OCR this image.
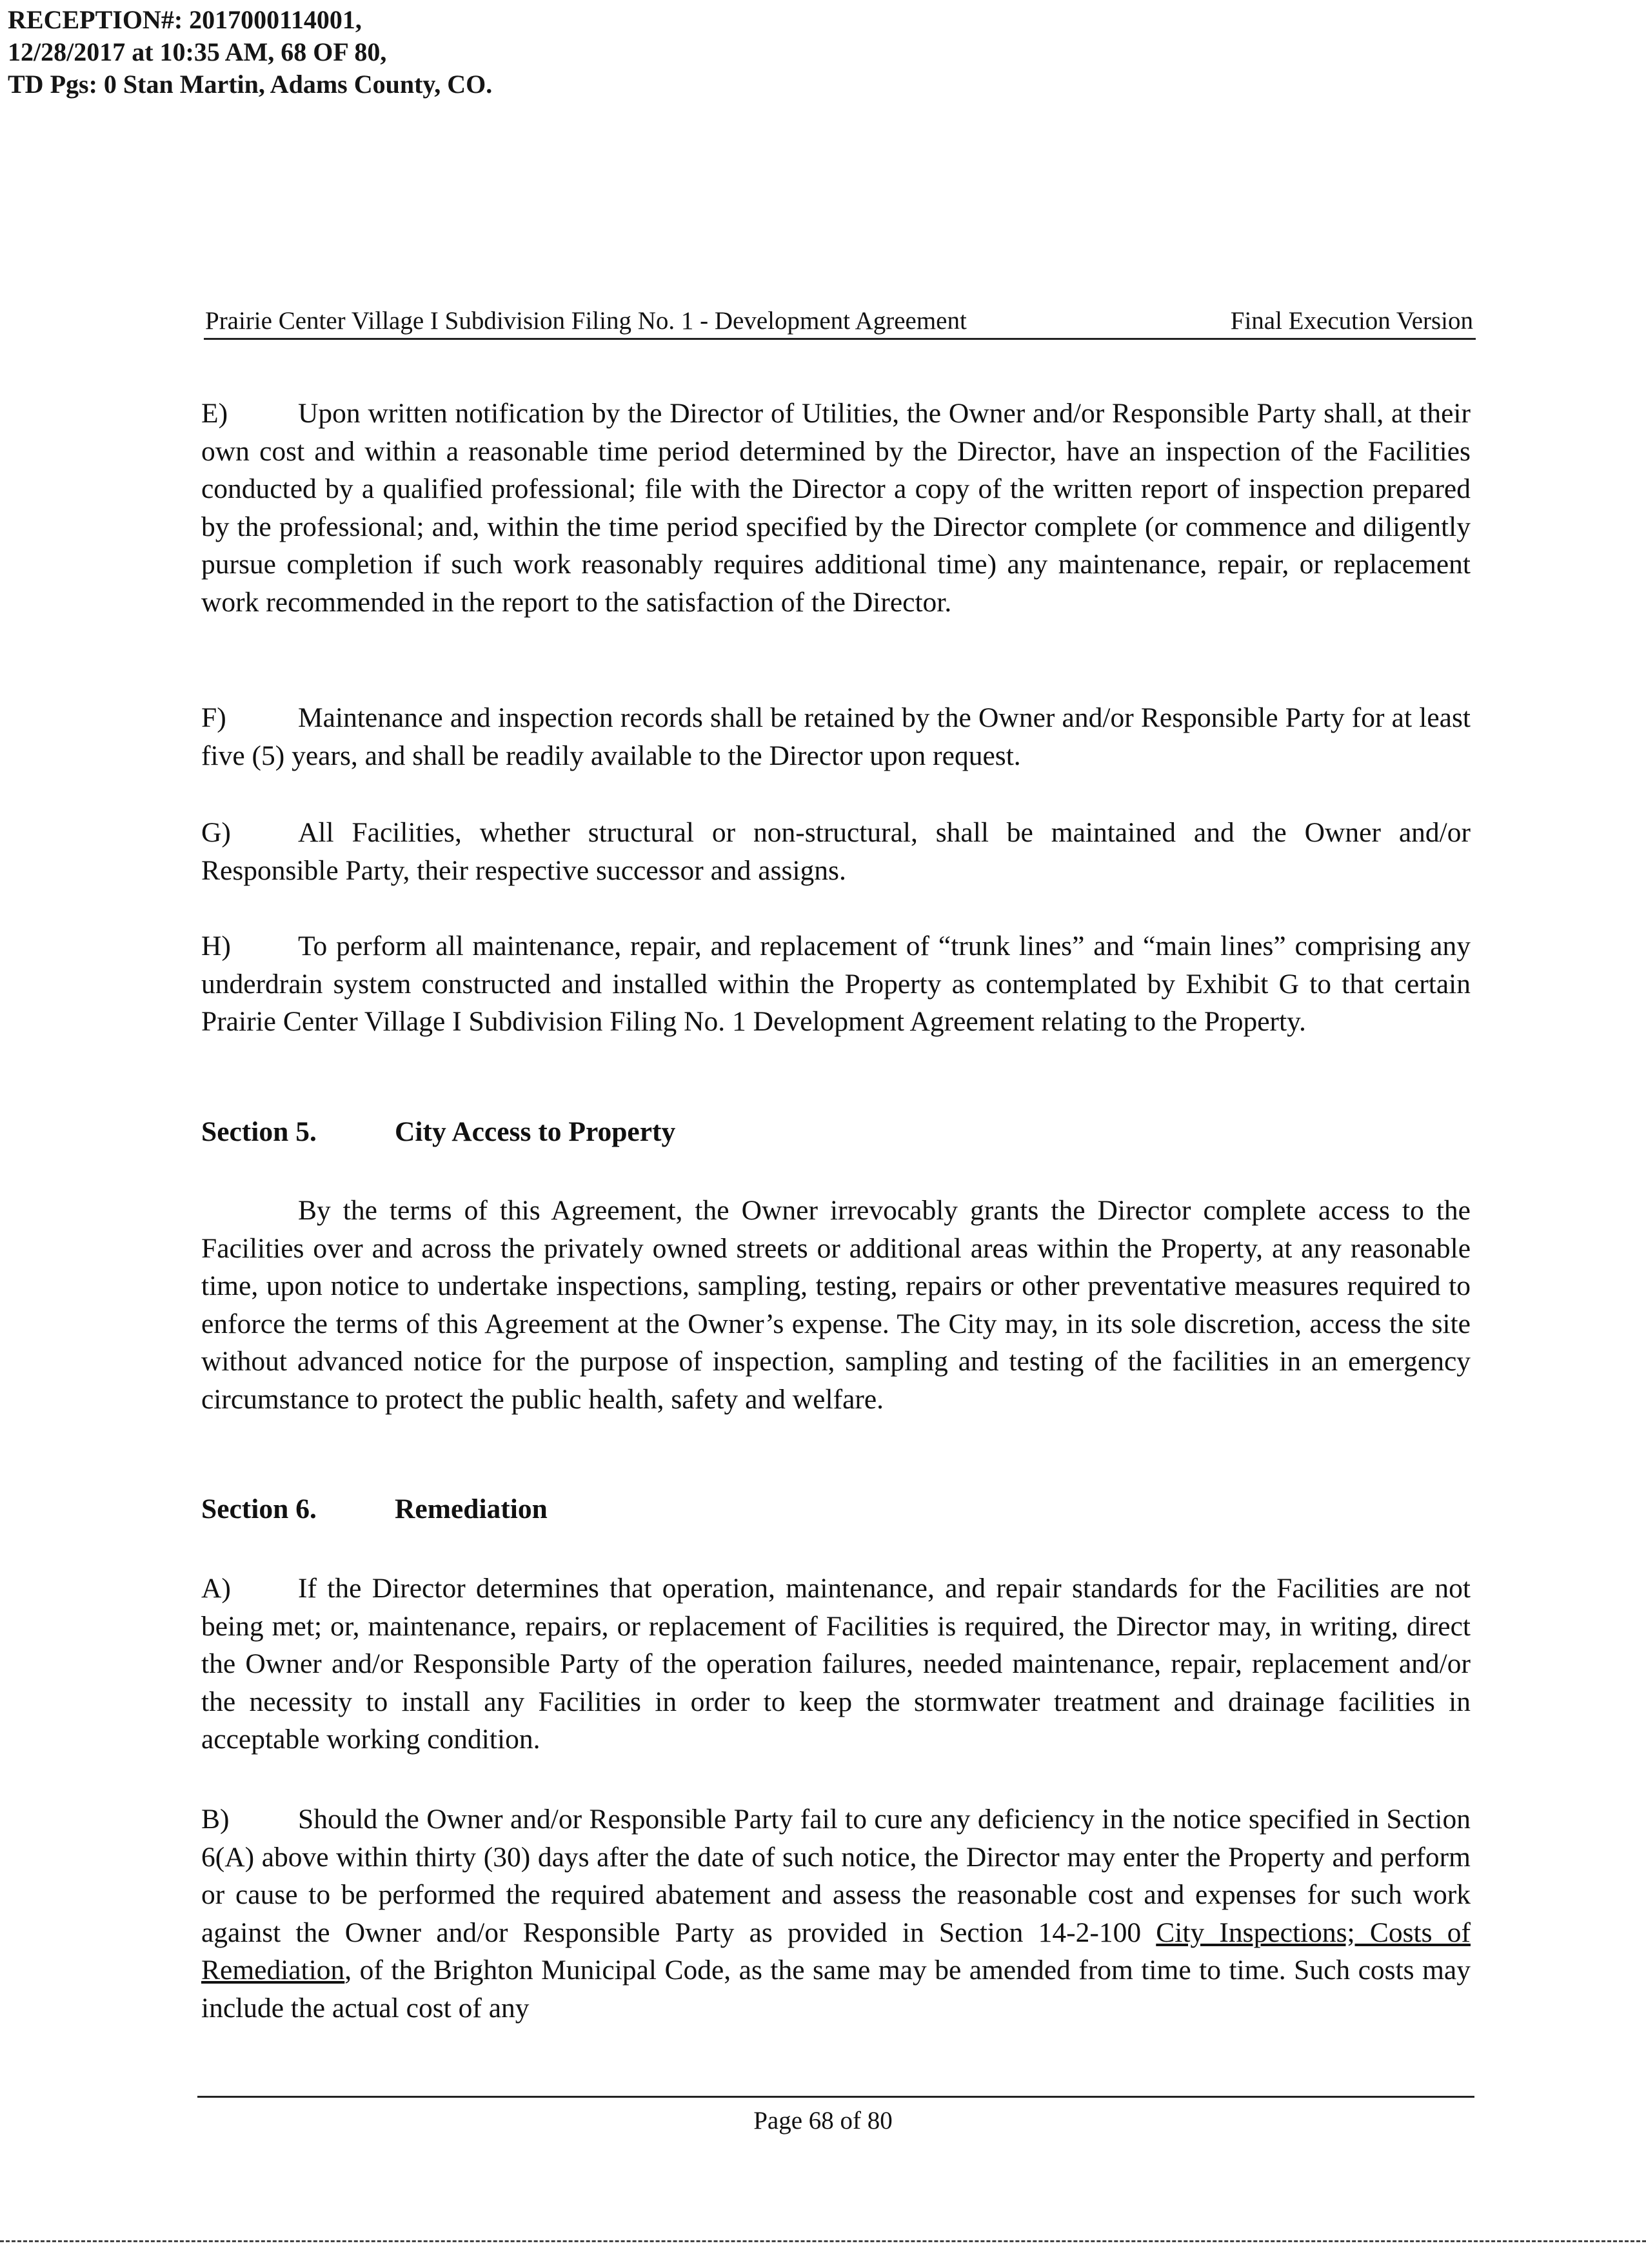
RECEPTION#: 2017000114001,
12/28/2017 at 10:35 AM, 68 OF 80,
TD Pgs: 0 Stan Martin, Adams County, CO.
Prairie Center Village I Subdivision Filing No. 1 - Development Agreement	Final Execution Version

E)	Upon written notification by the Director of Utilities, the Owner and/or Responsible Party shall, at their own cost and within a reasonable time period determined by the Director, have an inspection of the Facilities conducted by a qualified professional; file with the Director a copy of the written report of inspection prepared by the professional; and, within the time period specified by the Director complete (or commence and diligently pursue completion if such work reasonably requires additional time) any maintenance, repair, or replacement work recommended in the report to the satisfaction of the Director.

F)	Maintenance and inspection records shall be retained by the Owner and/or Responsible Party for at least five (5) years, and shall be readily available to the Director upon request.

G) All Facilities, whether structural or non-structural, shall be maintained and the Owner and/or Responsible Party, their respective successor and assigns.

H) To perform all maintenance, repair, and replacement of “trunk lines” and “main lines” comprising any underdrain system constructed and installed within the Property as contemplated by Exhibit G to that certain Prairie Center Village I Subdivision Filing No. 1 Development Agreement relating to the Property.

Section 5.	City Access to Property

By the terms of this Agreement, the Owner irrevocably grants the Director complete access to the Facilities over and across the privately owned streets or additional areas within the Property, at any reasonable time, upon notice to undertake inspections, sampling, testing, repairs or other preventative measures required to enforce the terms of this Agreement at the Owner’s expense. The City may, in its sole discretion, access the site without advanced notice for the purpose of inspection, sampling and testing of the facilities in an emergency circumstance to protect the public health, safety and welfare.

Section 6.	Remediation

A) If the Director determines that operation, maintenance, and repair standards for the Facilities are not being met; or, maintenance, repairs, or replacement of Facilities is required, the Director may, in writing, direct the Owner and/or Responsible Party of the operation failures, needed maintenance, repair, replacement and/or the necessity to install any Facilities in order to keep the stormwater treatment and drainage facilities in acceptable working condition.

B) Should the Owner and/or Responsible Party fail to cure any deficiency in the notice specified in Section 6(A) above within thirty (30) days after the date of such notice, the Director may enter the Property and perform or cause to be performed the required abatement and assess the reasonable cost and expenses for such work against the Owner and/or Responsible Party as provided in Section 14-2-100 City Inspections; Costs of Remediation, of the Brighton Municipal Code, as the same may be amended from time to time. Such costs may include the actual cost of any

Page 68 of 80
